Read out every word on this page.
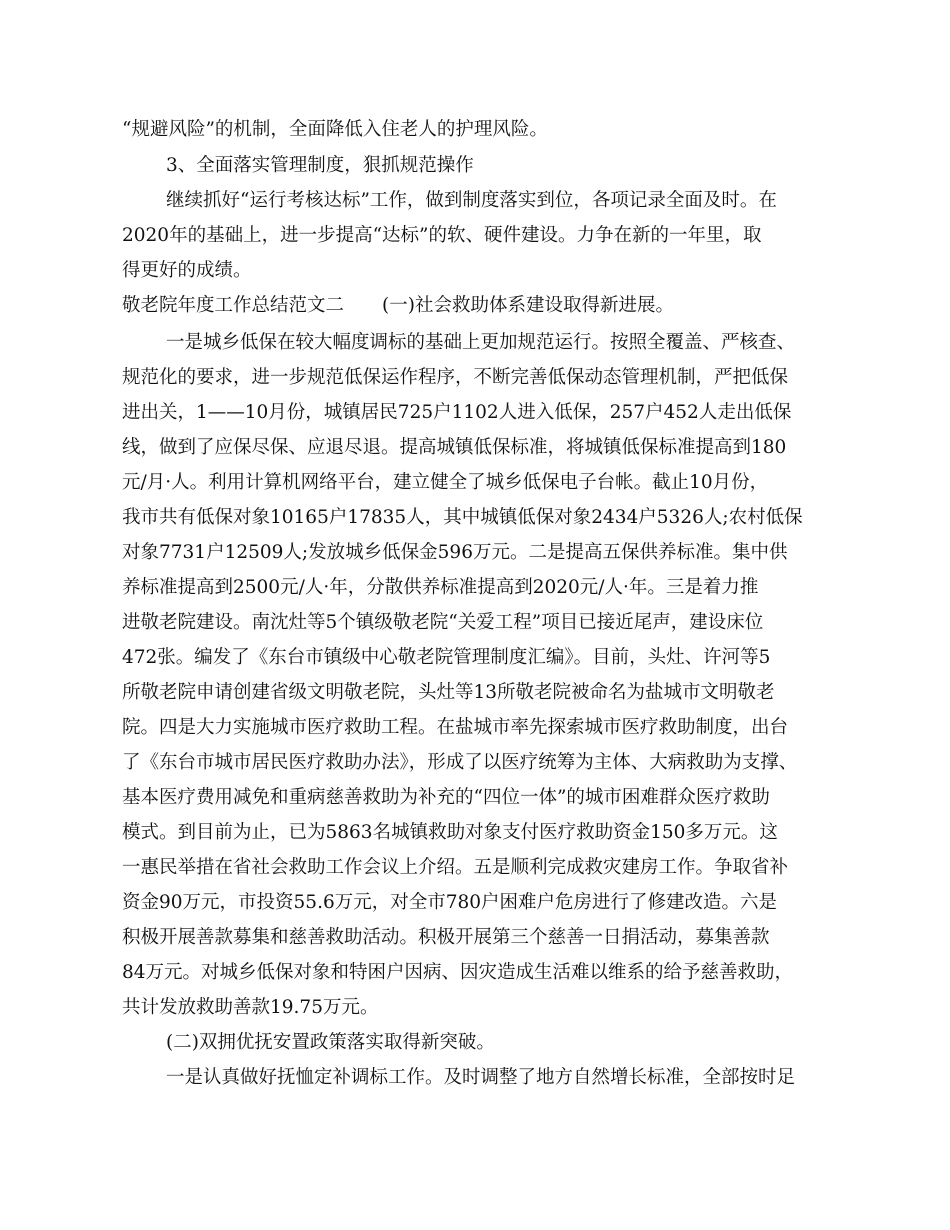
“规避风险”的机制，全面降低入住老人的护理风险。
3、全面落实管理制度，狠抓规范操作
继续抓好“运行考核达标”工作，做到制度落实到位，各项记录全面及时。在
2020年的基础上，进一步提高“达标”的软、硬件建设。力争在新的一年里，取
得更好的成绩。
敬老院年度工作总结范文二 (一)社会救助体系建设取得新进展。
一是城乡低保在较大幅度调标的基础上更加规范运行。按照全覆盖、严核查、
规范化的要求，进一步规范低保运作程序，不断完善低保动态管理机制，严把低保
进出关，1——10月份，城镇居民725户1102人进入低保，257户452人走出低保
线，做到了应保尽保、应退尽退。提高城镇低保标准，将城镇低保标准提高到180
元/月·人。利用计算机网络平台，建立健全了城乡低保电子台帐。截止10月份，
我市共有低保对象10165户17835人，其中城镇低保对象2434户5326人;农村低保
对象7731户12509人;发放城乡低保金596万元。二是提高五保供养标准。集中供
养标准提高到2500元/人·年，分散供养标准提高到2020元/人·年。三是着力推
进敬老院建设。南沈灶等5个镇级敬老院“关爱工程”项目已接近尾声，建设床位
472张。编发了《东台市镇级中心敬老院管理制度汇编》。目前，头灶、许河等5
所敬老院申请创建省级文明敬老院，头灶等13所敬老院被命名为盐城市文明敬老
院。四是大力实施城市医疗救助工程。在盐城市率先探索城市医疗救助制度，出台
了《东台市城市居民医疗救助办法》，形成了以医疗统筹为主体、大病救助为支撑、
基本医疗费用减免和重病慈善救助为补充的“四位一体”的城市困难群众医疗救助
模式。到目前为止，已为5863名城镇救助对象支付医疗救助资金150多万元。这
一惠民举措在省社会救助工作会议上介绍。五是顺利完成救灾建房工作。争取省补
资金90万元，市投资55.6万元，对全市780户困难户危房进行了修建改造。六是
积极开展善款募集和慈善救助活动。积极开展第三个慈善一日捐活动，募集善款
84万元。对城乡低保对象和特困户因病、因灾造成生活难以维系的给予慈善救助，
共计发放救助善款19.75万元。
(二)双拥优抚安置政策落实取得新突破。
一是认真做好抚恤定补调标工作。及时调整了地方自然增长标准，全部按时足
